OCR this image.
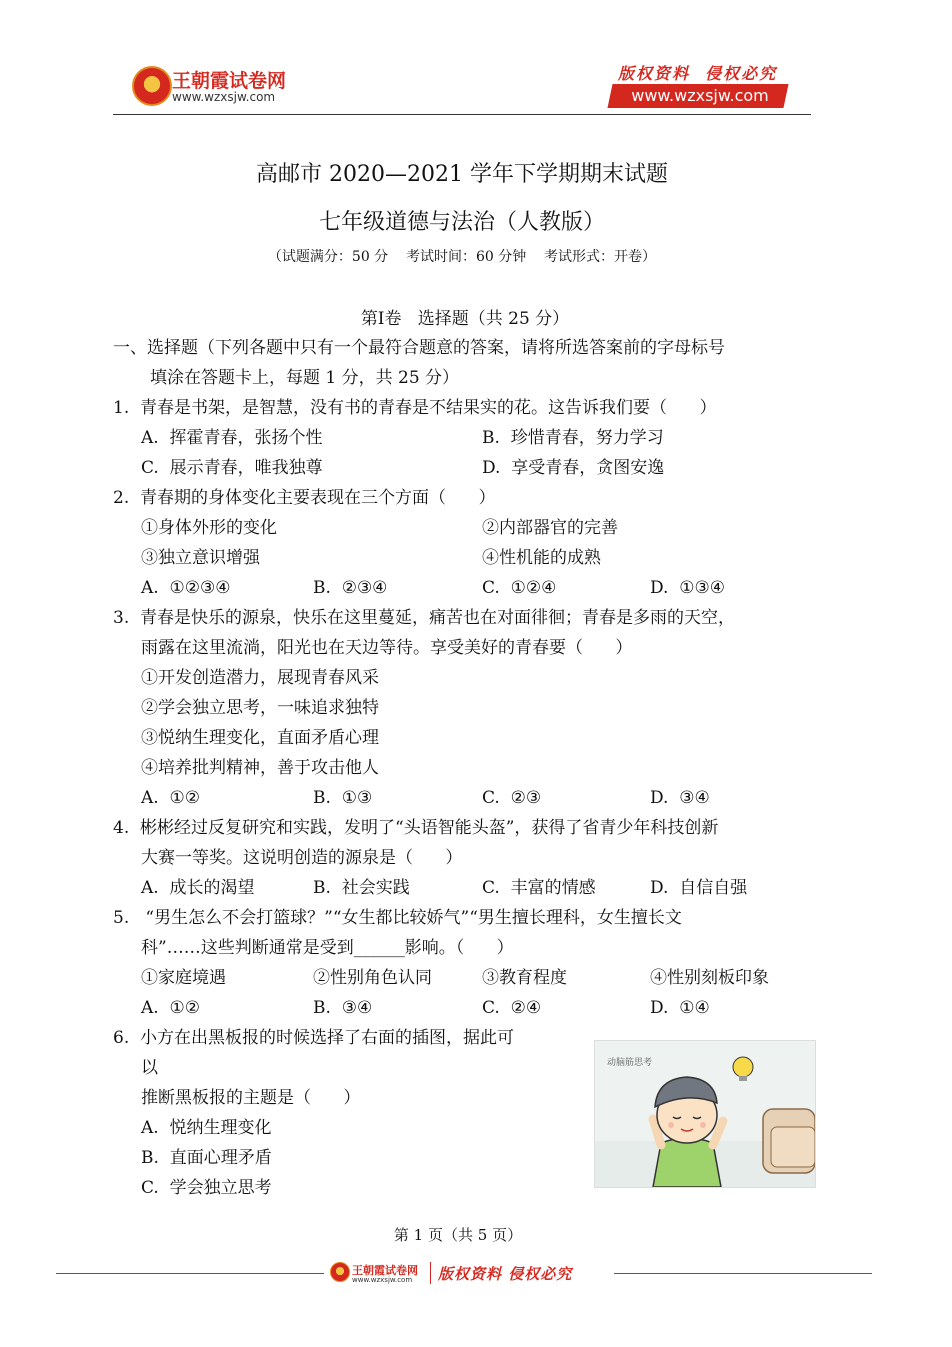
王朝霞试卷网
www.wzxsjw.com
版权资料  侵权必究
www.wzxsjw.com
高邮市 2020—2021 学年下学期期末试题
七年级道德与法治（人教版）
（试题满分：50 分    考试时间：60 分钟    考试形式：开卷）
第Ⅰ卷   选择题（共 25 分）
一、选择题（下列各题中只有一个最符合题意的答案，请将所选答案前的字母标号
填涂在答题卡上，每题 1 分，共 25 分）
1.  青春是书架，是智慧，没有书的青春是不结果实的花。这告诉我们要（      ）
A.  挥霍青春，张扬个性	B.  珍惜青春，努力学习
C.  展示青春，唯我独尊	D.  享受青春，贪图安逸
2.  青春期的身体变化主要表现在三个方面（      ）
①身体外形的变化	②内部器官的完善
③独立意识增强	④性机能的成熟
A.  ①②③④	B.  ②③④	C.  ①②④	D.  ①③④
3.  青春是快乐的源泉，快乐在这里蔓延，痛苦也在对面徘徊；青春是多雨的天空，
雨露在这里流淌，阳光也在天边等待。享受美好的青春要（      ）
①开发创造潜力，展现青春风采
②学会独立思考，一味追求独特
③悦纳生理变化，直面矛盾心理
④培养批判精神，善于攻击他人
A.  ①②	B.  ①③	C.  ②③	D.  ③④
4.  彬彬经过反复研究和实践，发明了“头语智能头盔”，获得了省青少年科技创新
大赛一等奖。这说明创造的源泉是（      ）
A.  成长的渴望	B.  社会实践	C.  丰富的情感	D.  自信自强
5.   “男生怎么不会打篮球？”“女生都比较娇气”“男生擅长理科，女生擅长文
科”……这些判断通常是受到______影响。（      ）
①家庭境遇	②性别角色认同	③教育程度	④性别刻板印象
A.  ①②	B.  ③④	C.  ②④	D.  ①④
6.  小方在出黑板报的时候选择了右面的插图，据此可
以
推断黑板报的主题是（      ）
A.  悦纳生理变化
B.  直面心理矛盾
C.  学会独立思考
动脑筋思考
第 1 页（共 5 页）
王朝霞试卷网
www.wzxsjw.com 版权资料 侵权必究
